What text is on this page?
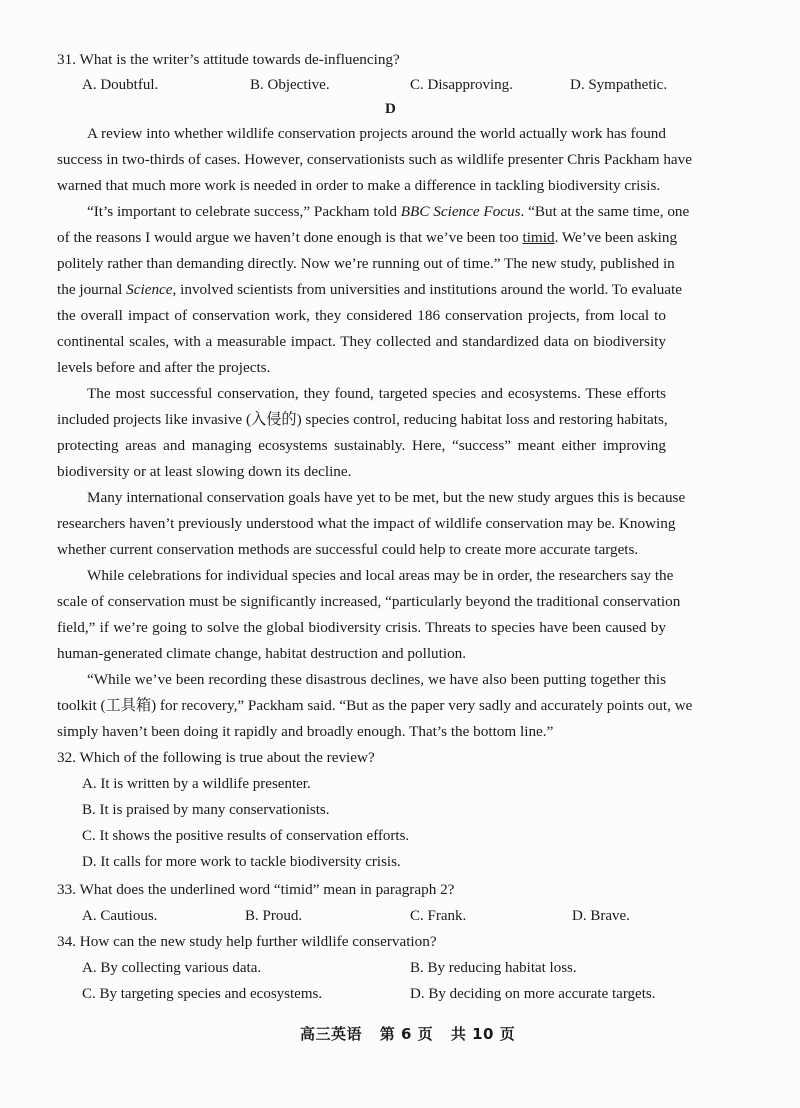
31. What is the writer’s attitude towards de-influencing?
A. Doubtful.	B. Objective.	C. Disapproving.	D. Sympathetic.
D
A review into whether wildlife conservation projects around the world actually work has found
success in two-thirds of cases. However, conservationists such as wildlife presenter Chris Packham have
warned that much more work is needed in order to make a difference in tackling biodiversity crisis.
“It’s important to celebrate success,” Packham told BBC Science Focus. “But at the same time, one
of the reasons I would argue we haven’t done enough is that we’ve been too timid. We’ve been asking
politely rather than demanding directly. Now we’re running out of time.” The new study, published in
the journal Science, involved scientists from universities and institutions around the world. To evaluate
the overall impact of conservation work, they considered 186 conservation projects, from local to
continental scales, with a measurable impact. They collected and standardized data on biodiversity
levels before and after the projects.
The most successful conservation, they found, targeted species and ecosystems. These efforts
included projects like invasive (入侵的) species control, reducing habitat loss and restoring habitats,
protecting areas and managing ecosystems sustainably. Here, “success” meant either improving
biodiversity or at least slowing down its decline.
Many international conservation goals have yet to be met, but the new study argues this is because
researchers haven’t previously understood what the impact of wildlife conservation may be. Knowing
whether current conservation methods are successful could help to create more accurate targets.
While celebrations for individual species and local areas may be in order, the researchers say the
scale of conservation must be significantly increased, “particularly beyond the traditional conservation
field,” if we’re going to solve the global biodiversity crisis. Threats to species have been caused by
human-generated climate change, habitat destruction and pollution.
“While we’ve been recording these disastrous declines, we have also been putting together this
toolkit (工具箱) for recovery,” Packham said. “But as the paper very sadly and accurately points out, we
simply haven’t been doing it rapidly and broadly enough. That’s the bottom line.”
32. Which of the following is true about the review?
A. It is written by a wildlife presenter.
B. It is praised by many conservationists.
C. It shows the positive results of conservation efforts.
D. It calls for more work to tackle biodiversity crisis.
33. What does the underlined word “timid” mean in paragraph 2?
A. Cautious.	B. Proud.	C. Frank.	D. Brave.
34. How can the new study help further wildlife conservation?
A. By collecting various data.	B. By reducing habitat loss.
C. By targeting species and ecosystems.	D. By deciding on more accurate targets.
高三英语 第 6 页 共 10 页
